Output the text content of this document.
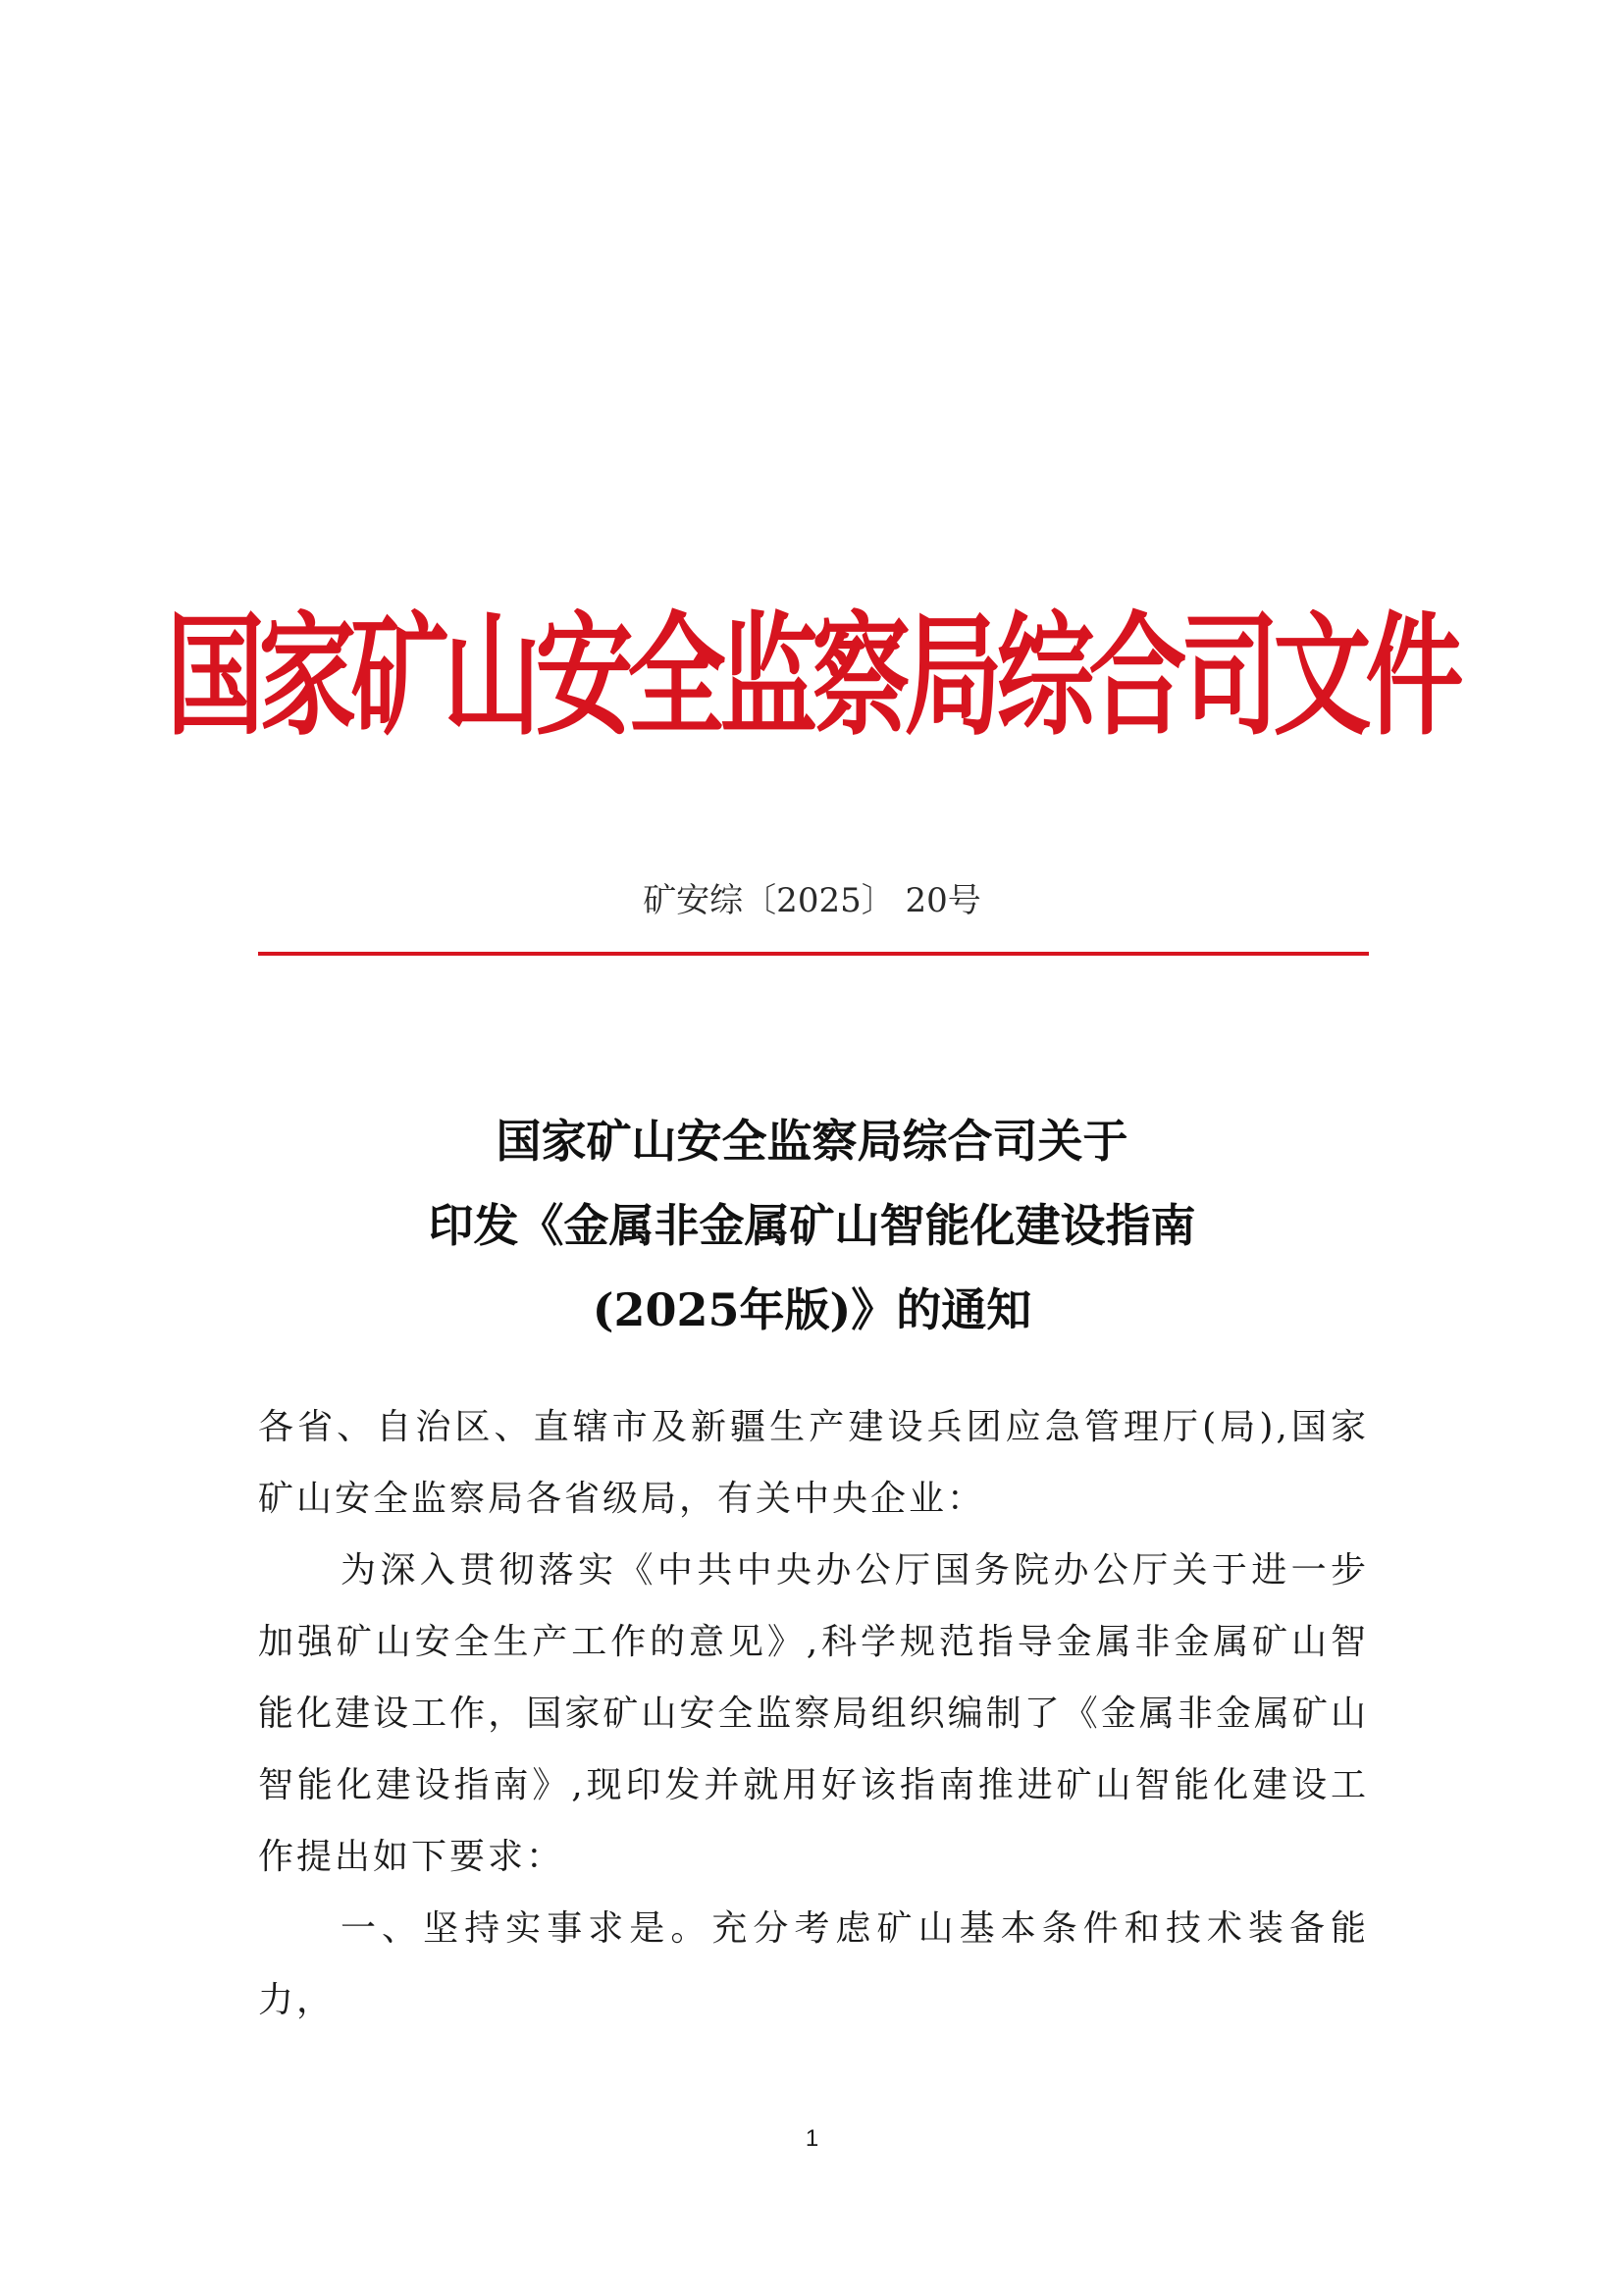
国家矿山安全监察局综合司文件
矿安综〔2025〕 20号
国家矿山安全监察局综合司关于
印发《金属非金属矿山智能化建设指南
(2025年版)》的通知

各省、自治区、直辖市及新疆生产建设兵团应急管理厅(局),国家矿山安全监察局各省级局，有关中央企业：

为深入贯彻落实《中共中央办公厅国务院办公厅关于进一步加强矿山安全生产工作的意见》,科学规范指导金属非金属矿山智能化建设工作，国家矿山安全监察局组织编制了《金属非金属矿山智能化建设指南》,现印发并就用好该指南推进矿山智能化建设工作提出如下要求：

一、坚持实事求是。充分考虑矿山基本条件和技术装备能力，

1
